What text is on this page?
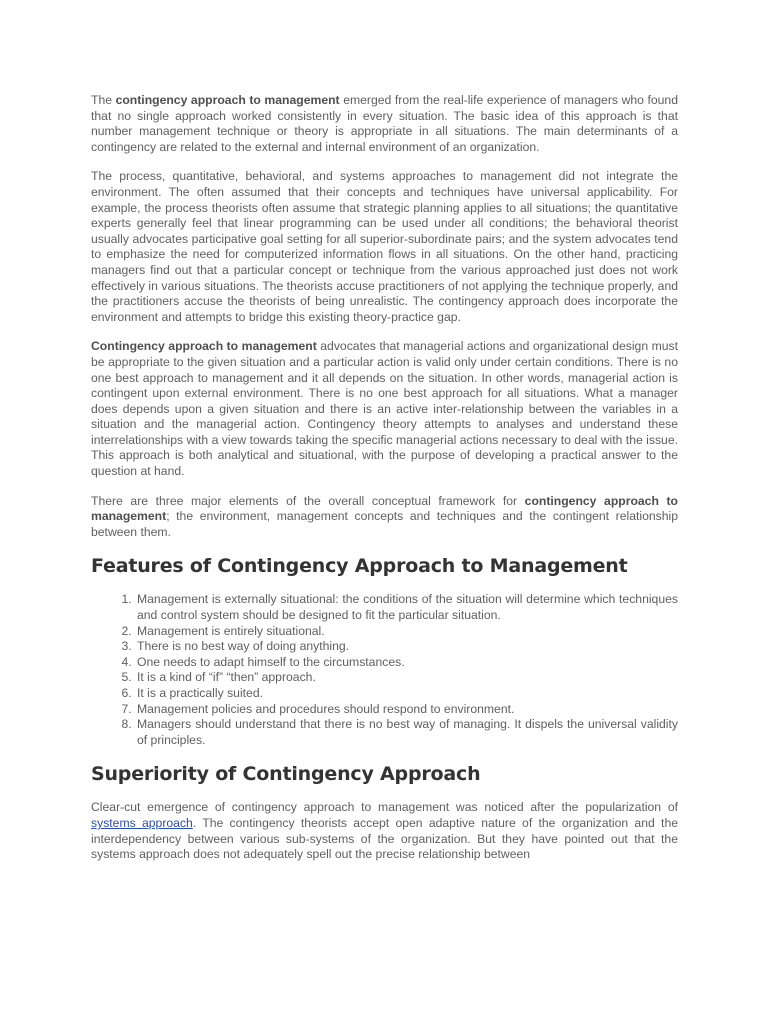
The contingency approach to management emerged from the real-life experience of managers who found that no single approach worked consistently in every situation. The basic idea of this approach is that number management technique or theory is appropriate in all situations. The main determinants of a contingency are related to the external and internal environment of an organization.

The process, quantitative, behavioral, and systems approaches to management did not integrate the environment. The often assumed that their concepts and techniques have universal applicability. For example, the process theorists often assume that strategic planning applies to all situations; the quantitative experts generally feel that linear programming can be used under all conditions; the behavioral theorist usually advocates participative goal setting for all superior-subordinate pairs; and the system advocates tend to emphasize the need for computerized information flows in all situations. On the other hand, practicing managers find out that a particular concept or technique from the various approached just does not work effectively in various situations. The theorists accuse practitioners of not applying the technique properly, and the practitioners accuse the theorists of being unrealistic. The contingency approach does incorporate the environment and attempts to bridge this existing theory-practice gap.

Contingency approach to management advocates that managerial actions and organizational design must be appropriate to the given situation and a particular action is valid only under certain conditions. There is no one best approach to management and it all depends on the situation. In other words, managerial action is contingent upon external environment. There is no one best approach for all situations. What a manager does depends upon a given situation and there is an active inter-relationship between the variables in a situation and the managerial action. Contingency theory attempts to analyses and understand these interrelationships with a view towards taking the specific managerial actions necessary to deal with the issue. This approach is both analytical and situational, with the purpose of developing a practical answer to the question at hand.

There are three major elements of the overall conceptual framework for contingency approach to management; the environment, management concepts and techniques and the contingent relationship between them.

Features of Contingency Approach to Management
1. Management is externally situational: the conditions of the situation will determine which techniques and control system should be designed to fit the particular situation.
2. Management is entirely situational.
3. There is no best way of doing anything.
4. One needs to adapt himself to the circumstances.
5. It is a kind of “if” “then” approach.
6. It is a practically suited.
7. Management policies and procedures should respond to environment.
8. Managers should understand that there is no best way of managing. It dispels the universal validity of principles.
Superiority of Contingency Approach

Clear-cut emergence of contingency approach to management was noticed after the popularization of systems approach. The contingency theorists accept open adaptive nature of the organization and the interdependency between various sub-systems of the organization. But they have pointed out that the systems approach does not adequately spell out the precise relationship between
